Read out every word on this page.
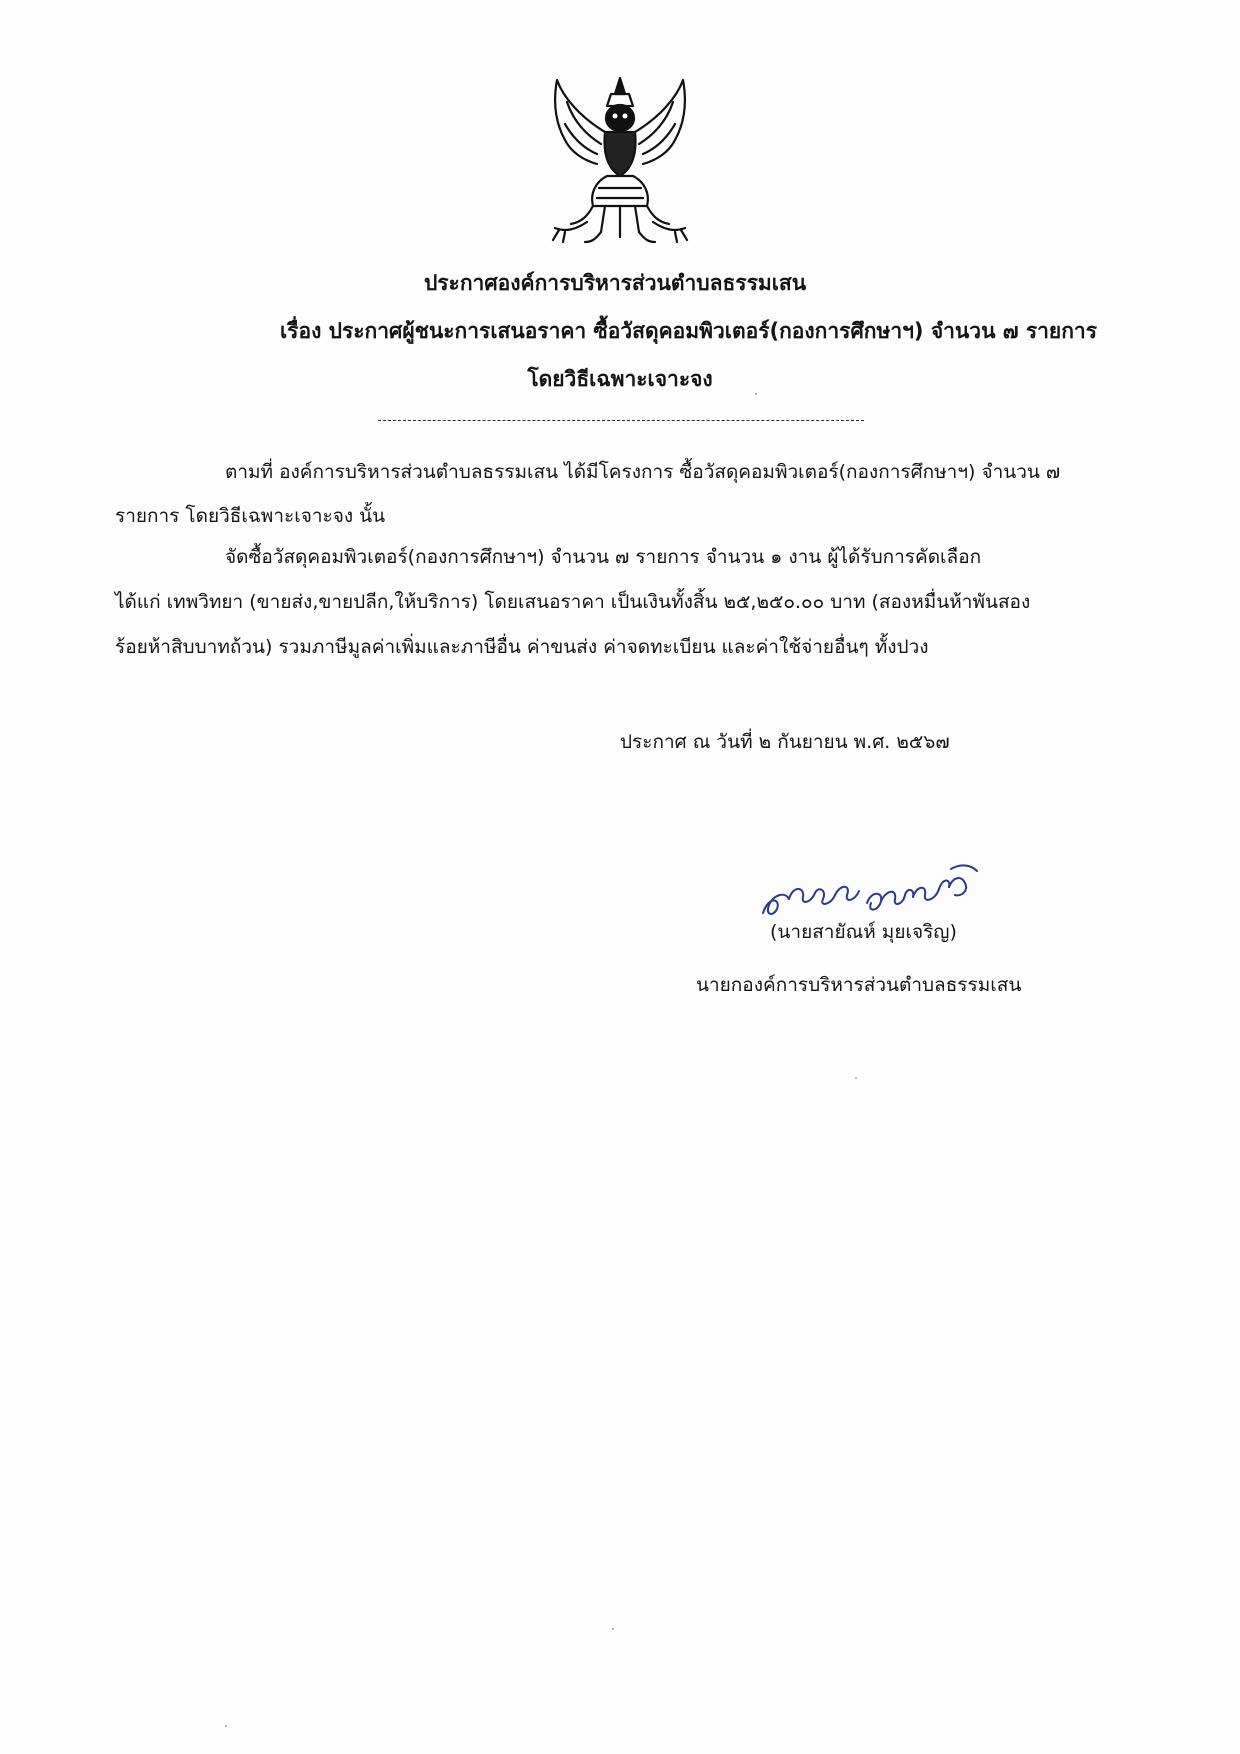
ประกาศองค์การบริหารส่วนตำบลธรรมเสน
เรื่อง ประกาศผู้ชนะการเสนอราคา ซื้อวัสดุคอมพิวเตอร์(กองการศึกษาฯ) จำนวน ๗ รายการ
โดยวิธีเฉพาะเจาะจง
ตามที่ องค์การบริหารส่วนตำบลธรรมเสน ได้มีโครงการ ซื้อวัสดุคอมพิวเตอร์(กองการศึกษาฯ) จำนวน ๗
รายการ โดยวิธีเฉพาะเจาะจง นั้น
จัดซื้อวัสดุคอมพิวเตอร์(กองการศึกษาฯ) จำนวน ๗ รายการ จำนวน ๑ งาน ผู้ได้รับการคัดเลือก
ได้แก่ เทพวิทยา (ขายส่ง,ขายปลีก,ให้บริการ) โดยเสนอราคา เป็นเงินทั้งสิ้น ๒๕,๒๕๐.๐๐ บาท (สองหมื่นห้าพันสอง
ร้อยห้าสิบบาทถ้วน) รวมภาษีมูลค่าเพิ่มและภาษีอื่น ค่าขนส่ง ค่าจดทะเบียน และค่าใช้จ่ายอื่นๆ ทั้งปวง
ประกาศ ณ วันที่ ๒ กันยายน พ.ศ. ๒๕๖๗
(นายสายัณห์ มุยเจริญ)
นายกองค์การบริหารส่วนตำบลธรรมเสน
